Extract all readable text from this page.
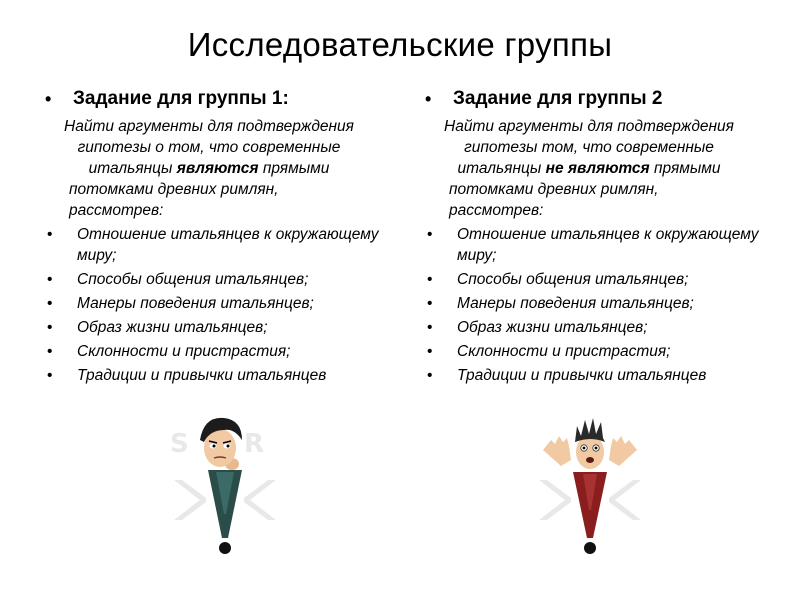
Исследовательские группы

• Задание для группы 1:

Найти аргументы для подтверждения
гипотезы о том, что современные
итальянцы являются прямыми
потомками древних римлян,
рассмотрев:
• Отношение итальянцев к окружающему миру;
• Способы общения итальянцев;
• Манеры поведения итальянцев;
• Образ жизни итальянцев;
• Склонности и пристрастия;
• Традиции и привычки итальянцев

• Задание для группы 2

Найти аргументы для подтверждения
гипотезы том, что современные
итальянцы не являются прямыми
потомками древних римлян,
рассмотрев:
• Отношение итальянцев к окружающему миру;
• Способы общения итальянцев;
• Манеры поведения итальянцев;
• Образ жизни итальянцев;
• Склонности и пристрастия;
• Традиции и привычки итальянцев
S R
